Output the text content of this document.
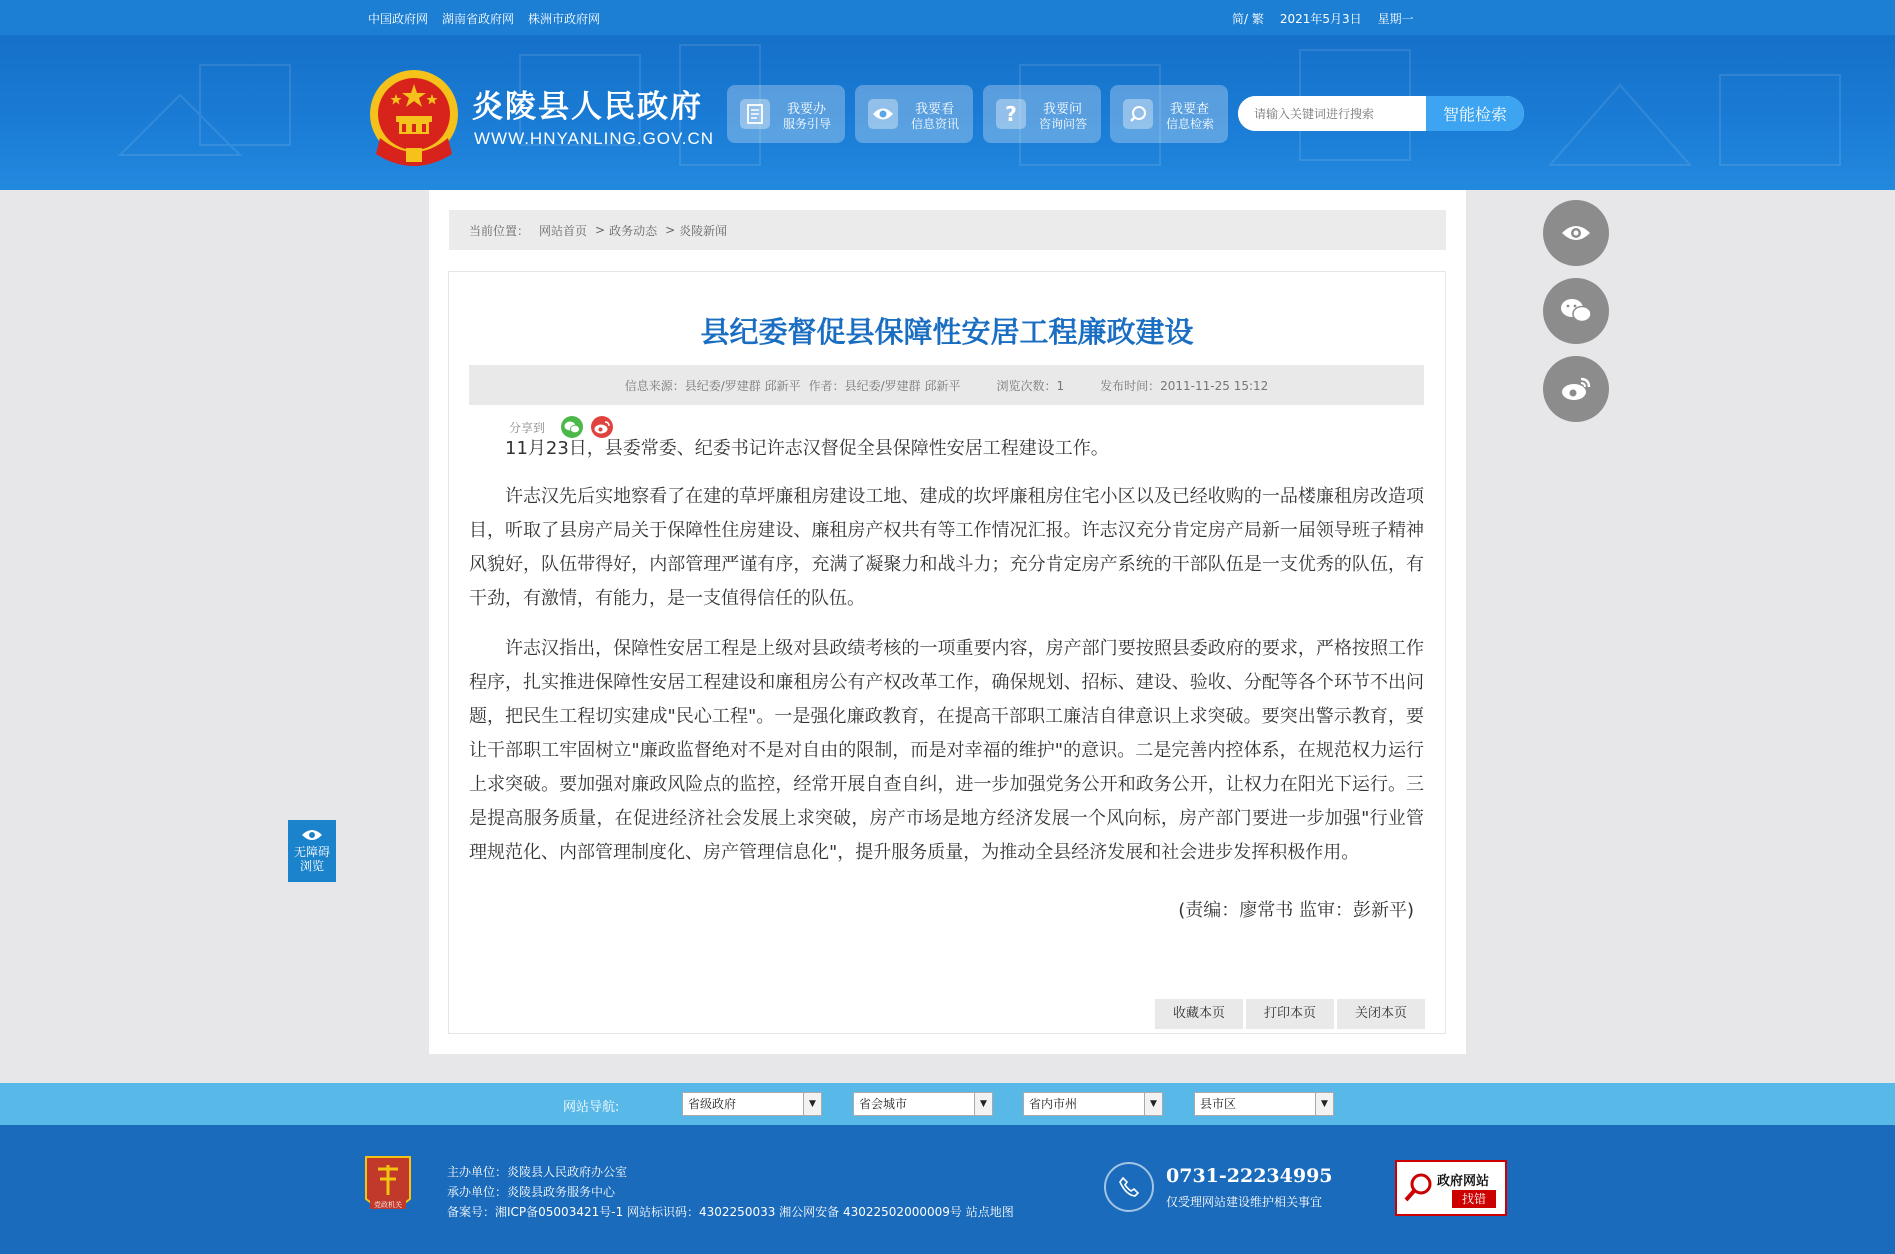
中国政府网 湖南省政府网 株洲市政府网	简/ 繁 2021年5月3日 星期一
炎陵县人民政府
WWW.HNYANLING.GOV.CN
我要办
服务引导
我要看
信息资讯 ? 我要问
咨询问答
我要查
信息检索
请输入关键词进行搜索	智能检索
当前位置： 网站首页 > 政务动态 > 炎陵新闻
县纪委督促县保障性安居工程廉政建设
信息来源：县纪委/罗建群 邱新平 作者：县纪委/罗建群 邱新平	浏览次数：1	发布时间：2011-11-25 15:12
分享到

11月23日，县委常委、纪委书记许志汉督促全县保障性安居工程建设工作。

许志汉先后实地察看了在建的草坪廉租房建设工地、建成的坎坪廉租房住宅小区以及已经收购的一品楼廉租房改造项目，听取了县房产局关于保障性住房建设、廉租房产权共有等工作情况汇报。许志汉充分肯定房产局新一届领导班子精神风貌好，队伍带得好，内部管理严谨有序，充满了凝聚力和战斗力；充分肯定房产系统的干部队伍是一支优秀的队伍，有干劲，有激情，有能力，是一支值得信任的队伍。

许志汉指出，保障性安居工程是上级对县政绩考核的一项重要内容，房产部门要按照县委政府的要求，严格按照工作程序，扎实推进保障性安居工程建设和廉租房公有产权改革工作，确保规划、招标、建设、验收、分配等各个环节不出问题，把民生工程切实建成"民心工程"。一是强化廉政教育，在提高干部职工廉洁自律意识上求突破。要突出警示教育，要让干部职工牢固树立"廉政监督绝对不是对自由的限制，而是对幸福的维护"的意识。二是完善内控体系，在规范权力运行上求突破。要加强对廉政风险点的监控，经常开展自查自纠，进一步加强党务公开和政务公开，让权力在阳光下运行。三是提高服务质量，在促进经济社会发展上求突破，房产市场是地方经济发展一个风向标，房产部门要进一步加强"行业管理规范化、内部管理制度化、房产管理信息化"，提升服务质量，为推动全县经济发展和社会进步发挥积极作用。

(责编：廖常书 监审：彭新平)
收藏本页	打印本页	关闭本页
无障碍
浏览
网站导航:	省级政府	▼	省会城市	▼	省内市州	▼	县市区	▼
党政机关
主办单位：炎陵县人民政府办公室
承办单位：炎陵县政务服务中心
备案号：湘ICP备05003421号-1 网站标识码：4302250033 湘公网安备 43022502000009号 站点地图
0731-22234995
仅受理网站建设维护相关事宜
政府网站
找错
